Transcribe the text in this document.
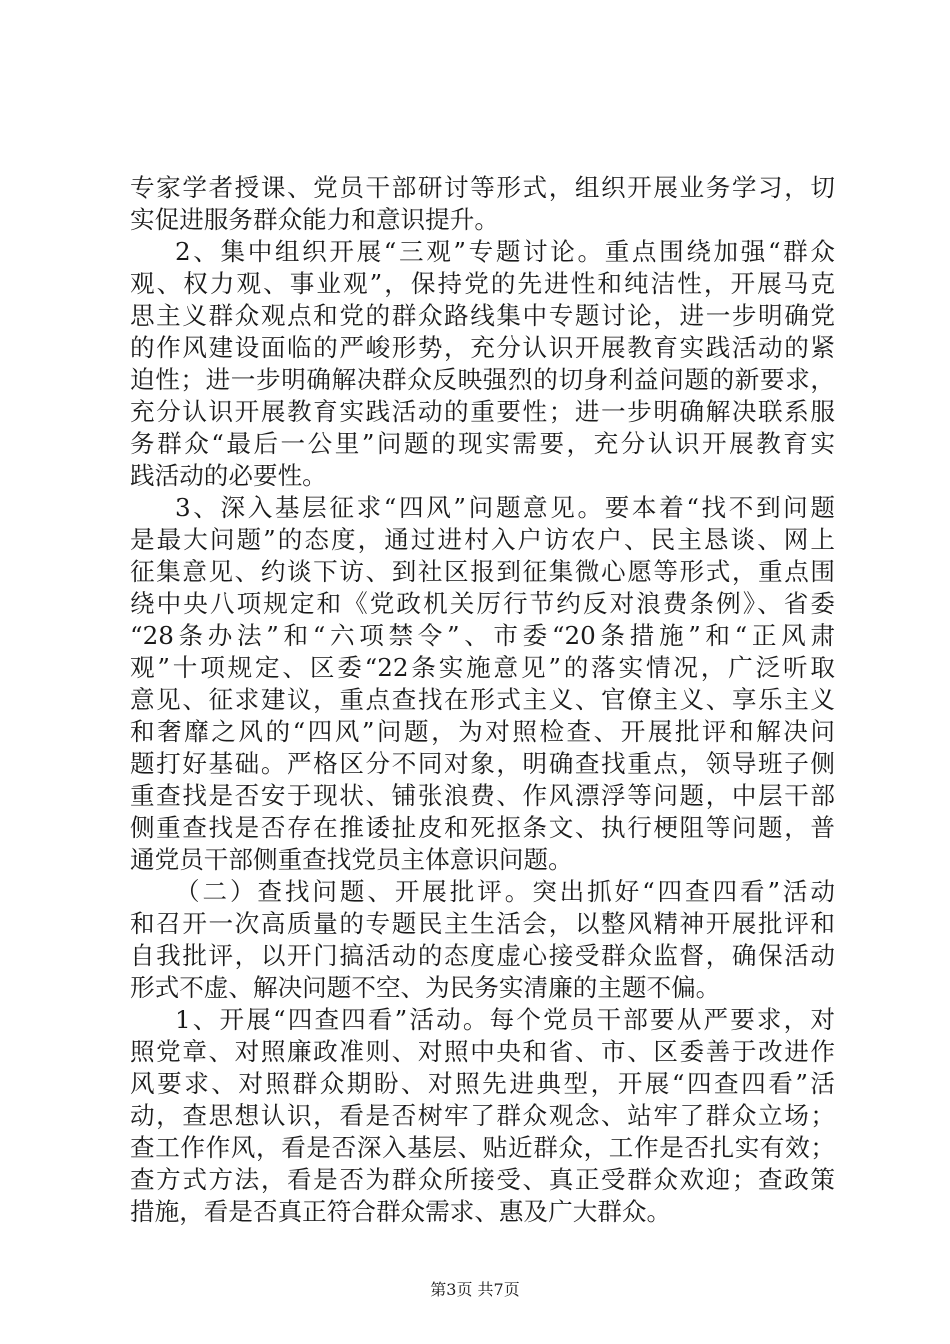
专家学者授课、党员干部研讨等形式，组织开展业务学习，切
实促进服务群众能力和意识提升。
2、集中组织开展“三观”专题讨论。重点围绕加强“群众
观、权力观、事业观”，保持党的先进性和纯洁性，开展马克
思主义群众观点和党的群众路线集中专题讨论，进一步明确党
的作风建设面临的严峻形势，充分认识开展教育实践活动的紧
迫性；进一步明确解决群众反映强烈的切身利益问题的新要求，
充分认识开展教育实践活动的重要性；进一步明确解决联系服
务群众“最后一公里”问题的现实需要，充分认识开展教育实
践活动的必要性。
3、深入基层征求“四风”问题意见。要本着“找不到问题
是最大问题”的态度，通过进村入户访农户、民主恳谈、网上
征集意见、约谈下访、到社区报到征集微心愿等形式，重点围
绕中央八项规定和《党政机关厉行节约反对浪费条例》、省委
“28条办法”和“六项禁令”、市委“20条措施”和“正风肃
观”十项规定、区委“22条实施意见”的落实情况，广泛听取
意见、征求建议，重点查找在形式主义、官僚主义、享乐主义
和奢靡之风的“四风”问题，为对照检查、开展批评和解决问
题打好基础。严格区分不同对象，明确查找重点，领导班子侧
重查找是否安于现状、铺张浪费、作风漂浮等问题，中层干部
侧重查找是否存在推诿扯皮和死抠条文、执行梗阻等问题，普
通党员干部侧重查找党员主体意识问题。
（二）查找问题、开展批评。突出抓好“四查四看”活动
和召开一次高质量的专题民主生活会，以整风精神开展批评和
自我批评，以开门搞活动的态度虚心接受群众监督，确保活动
形式不虚、解决问题不空、为民务实清廉的主题不偏。
1、开展“四查四看”活动。每个党员干部要从严要求，对
照党章、对照廉政准则、对照中央和省、市、区委善于改进作
风要求、对照群众期盼、对照先进典型，开展“四查四看”活
动，查思想认识，看是否树牢了群众观念、站牢了群众立场；
查工作作风，看是否深入基层、贴近群众，工作是否扎实有效；
查方式方法，看是否为群众所接受、真正受群众欢迎；查政策
措施，看是否真正符合群众需求、惠及广大群众。
第3页 共7页
